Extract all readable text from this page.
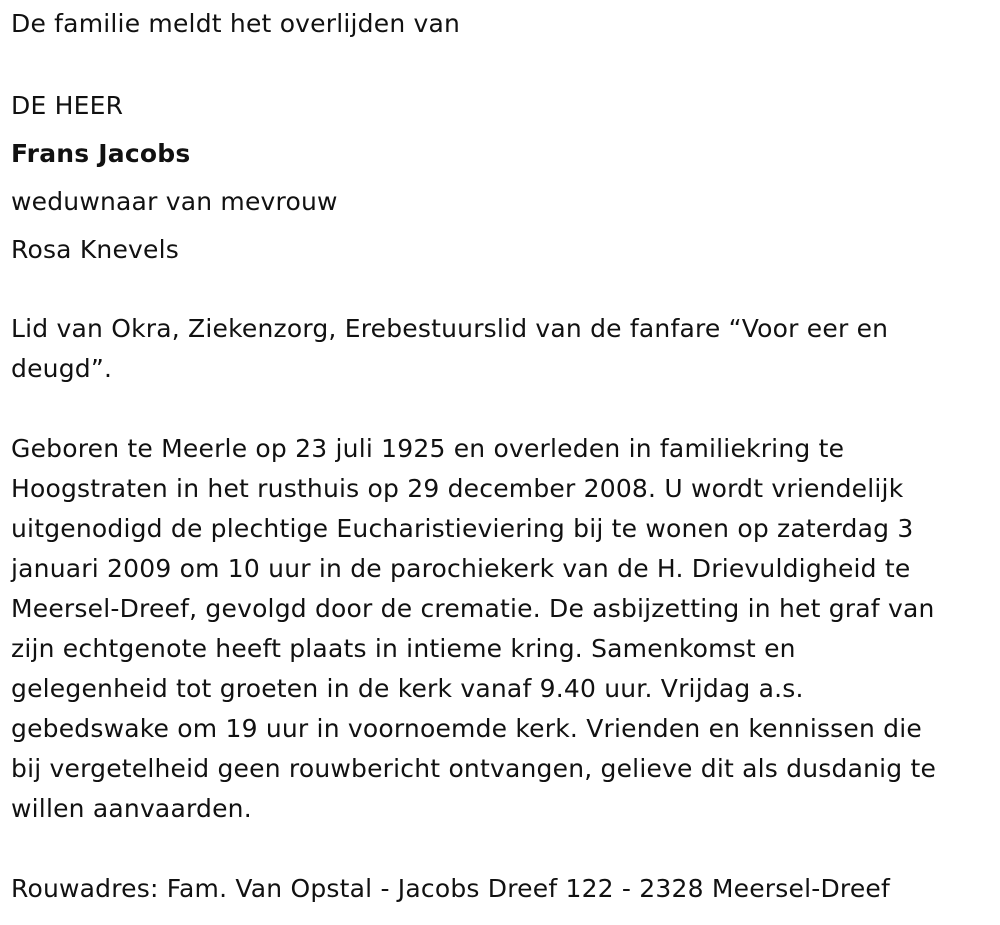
De familie meldt het overlijden van
DE HEER
Frans Jacobs
weduwnaar van mevrouw
Rosa Knevels
Lid van Okra, Ziekenzorg, Erebestuurslid van de fanfare “Voor eer en
deugd”.
Geboren te Meerle op 23 juli 1925 en overleden in familiekring te
Hoogstraten in het rusthuis op 29 december 2008. U wordt vriendelijk
uitgenodigd de plechtige Eucharistieviering bij te wonen op zaterdag 3
januari 2009 om 10 uur in de parochiekerk van de H. Drievuldigheid te
Meersel-Dreef, gevolgd door de crematie. De asbijzetting in het graf van
zijn echtgenote heeft plaats in intieme kring. Samenkomst en
gelegenheid tot groeten in de kerk vanaf 9.40 uur. Vrijdag a.s.
gebedswake om 19 uur in voornoemde kerk. Vrienden en kennissen die
bij vergetelheid geen rouwbericht ontvangen, gelieve dit als dusdanig te
willen aanvaarden.
Rouwadres: Fam. Van Opstal - Jacobs Dreef 122 - 2328 Meersel-Dreef
